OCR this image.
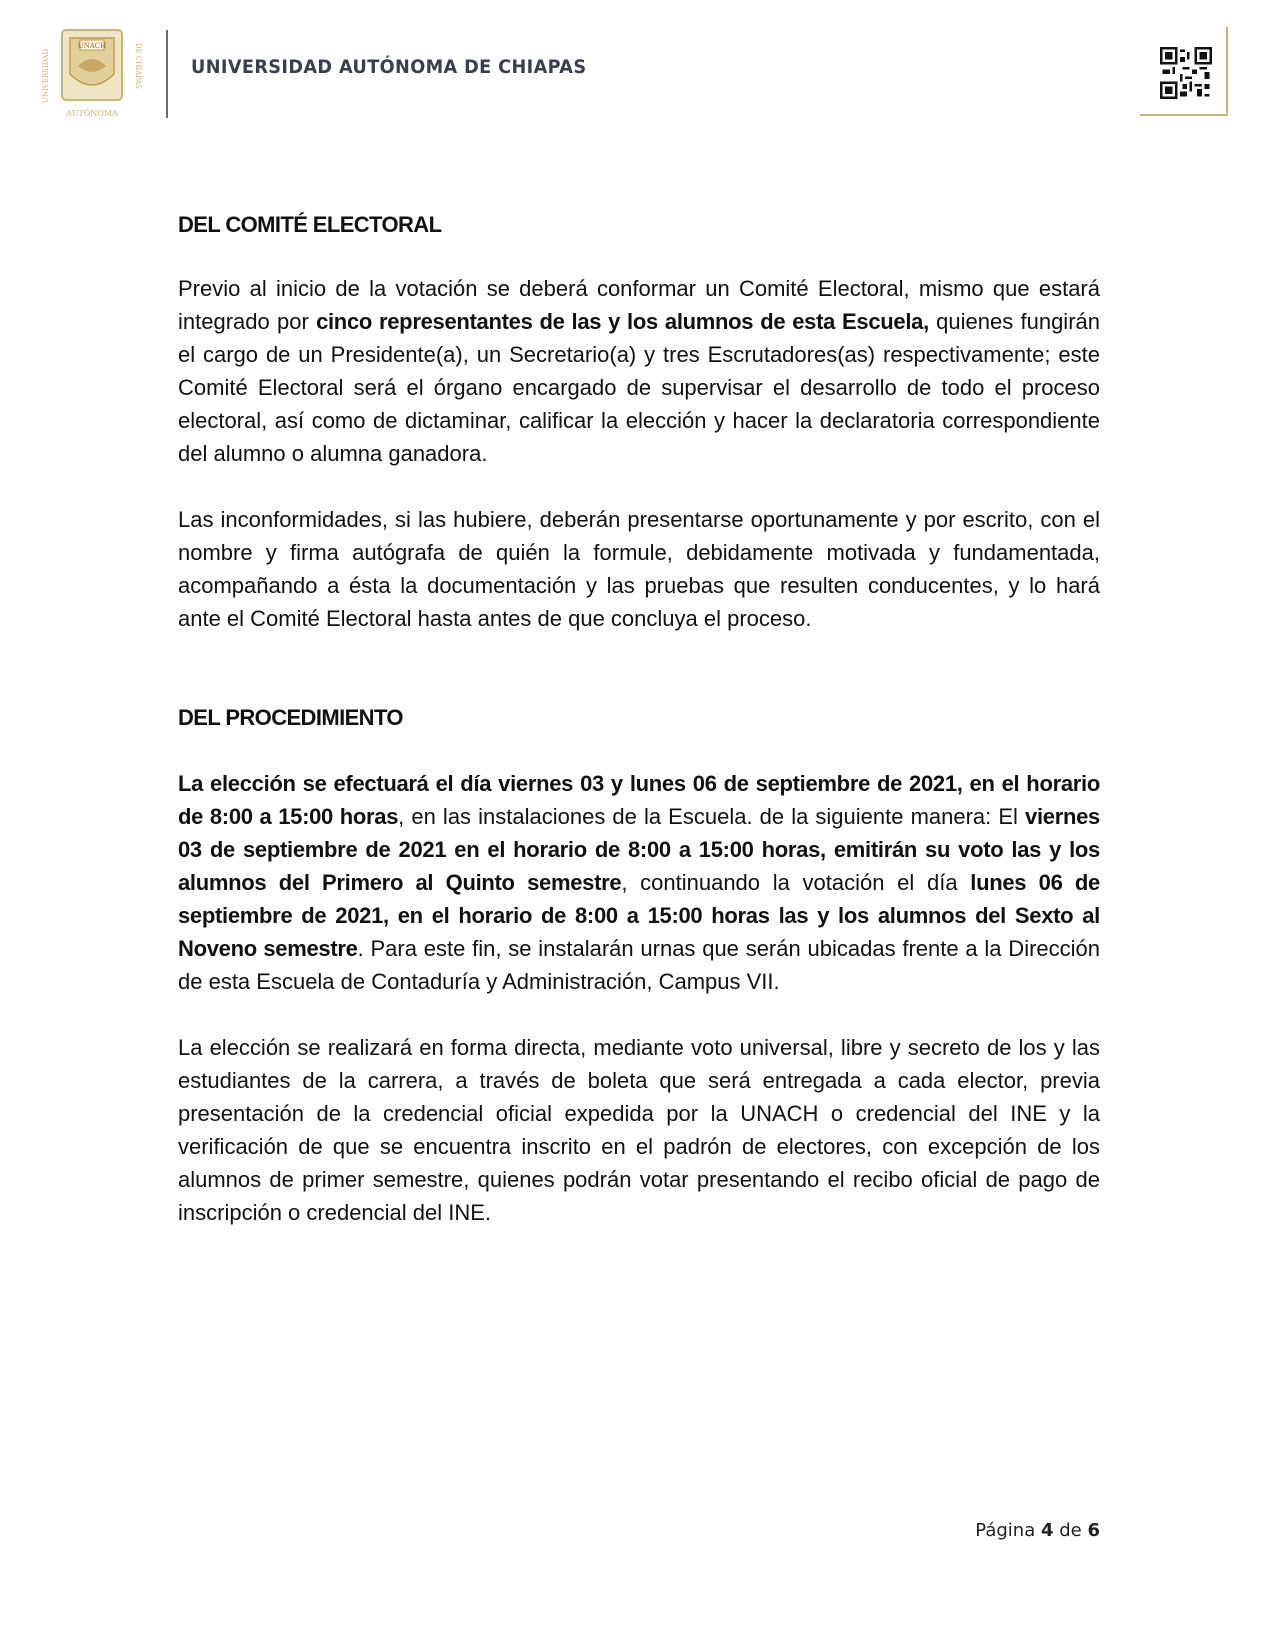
UNACH
UNIVERSIDAD	DE CHIAPAS
AUTÓNOMA
UNIVERSIDAD AUTÓNOMA DE CHIAPAS
DEL COMITÉ ELECTORAL

Previo al inicio de la votación se deberá conformar un Comité Electoral, mismo que estará integrado por cinco representantes de las y los alumnos de esta Escuela, quienes fungirán el cargo de un Presidente(a), un Secretario(a) y tres Escrutadores(as) respectivamente; este Comité Electoral será el órgano encargado de supervisar el desarrollo de todo el proceso electoral, así como de dictaminar, calificar la elección y hacer la declaratoria correspondiente del alumno o alumna ganadora.

Las inconformidades, si las hubiere, deberán presentarse oportunamente y por escrito, con el nombre y firma autógrafa de quién la formule, debidamente motivada y fundamentada, acompañando a ésta la documentación y las pruebas que resulten conducentes, y lo hará ante el Comité Electoral hasta antes de que concluya el proceso.

DEL PROCEDIMIENTO

La elección se efectuará el día viernes 03 y lunes 06 de septiembre de 2021, en el horario de 8:00 a 15:00 horas, en las instalaciones de la Escuela. de la siguiente manera: El viernes 03 de septiembre de 2021 en el horario de 8:00 a 15:00 horas, emitirán su voto las y los alumnos del Primero al Quinto semestre, continuando la votación el día lunes 06 de septiembre de 2021, en el horario de 8:00 a 15:00 horas las y los alumnos del Sexto al Noveno semestre. Para este fin, se instalarán urnas que serán ubicadas frente a la Dirección de esta Escuela de Contaduría y Administración, Campus VII.

La elección se realizará en forma directa, mediante voto universal, libre y secreto de los y las estudiantes de la carrera, a través de boleta que será entregada a cada elector, previa presentación de la credencial oficial expedida por la UNACH o credencial del INE y la verificación de que se encuentra inscrito en el padrón de electores, con excepción de los alumnos de primer semestre, quienes podrán votar presentando el recibo oficial de pago de inscripción o credencial del INE.

Página 4 de 6
